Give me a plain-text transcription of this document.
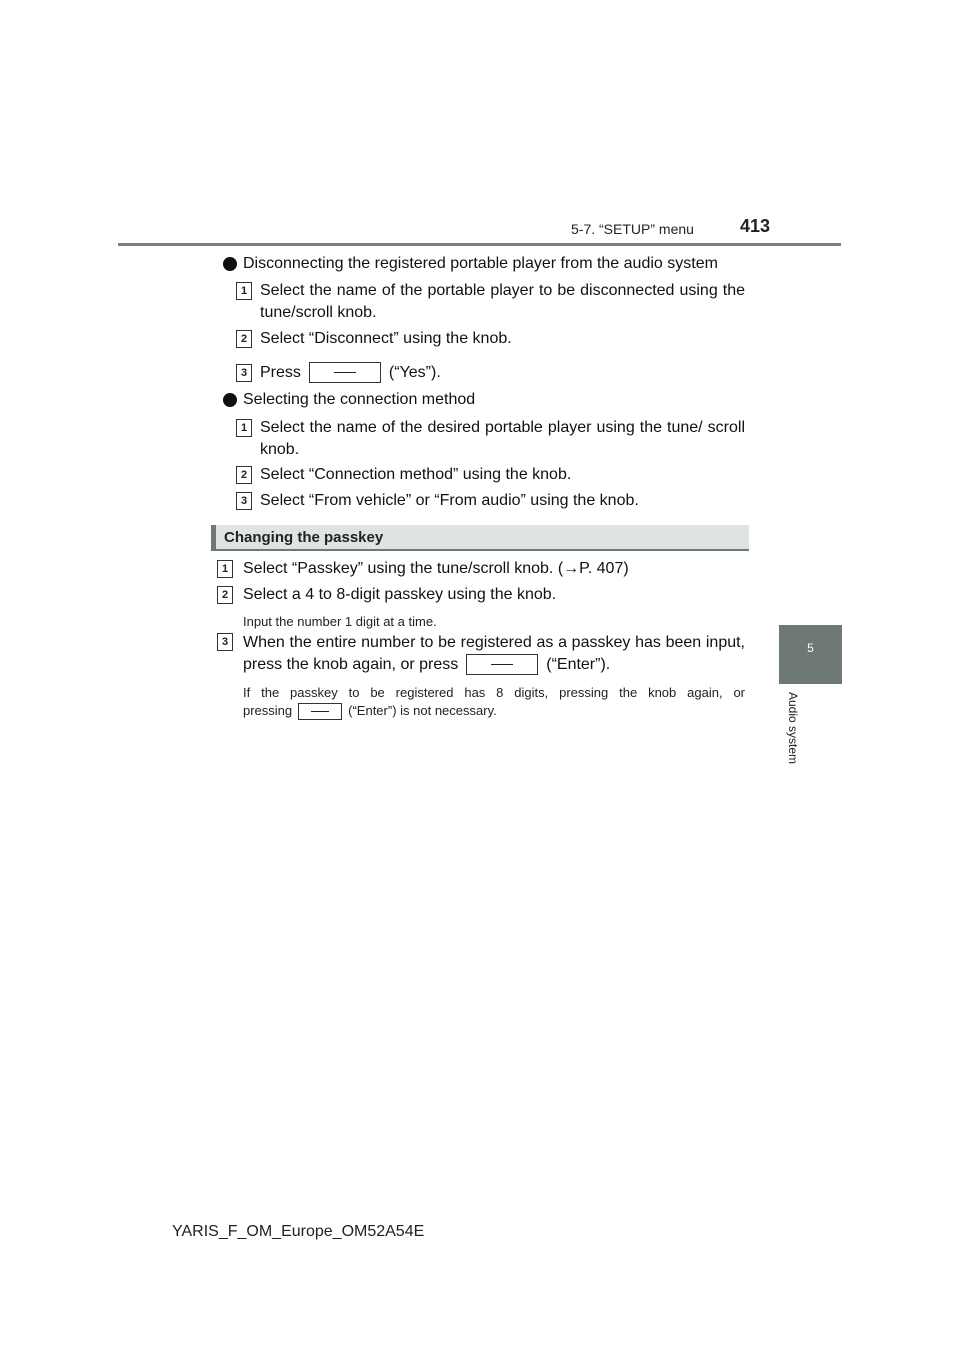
5-7. “SETUP” menu	413
5
Audio system
Disconnecting the registered portable player from the audio system
1 Select the name of the portable player to be disconnected using the tune/scroll knob.
2 Select “Disconnect” using the knob.
3 Press	(“Yes”).
Selecting the connection method
1 Select the name of the desired portable player using the tune/ scroll knob.
2 Select “Connection method” using the knob.
3 Select “From vehicle” or “From audio” using the knob.
Changing the passkey
1 Select “Passkey” using the tune/scroll knob. (→P. 407)
2 Select a 4 to 8-digit passkey using the knob.
Input the number 1 digit at a time.
3 When the entire number to be registered as a passkey has been input, press the knob again, or press	(“Enter”).
If the passkey to be registered has 8 digits, pressing the knob again, or
pressing	(“Enter”) is not necessary.
YARIS_F_OM_Europe_OM52A54E
